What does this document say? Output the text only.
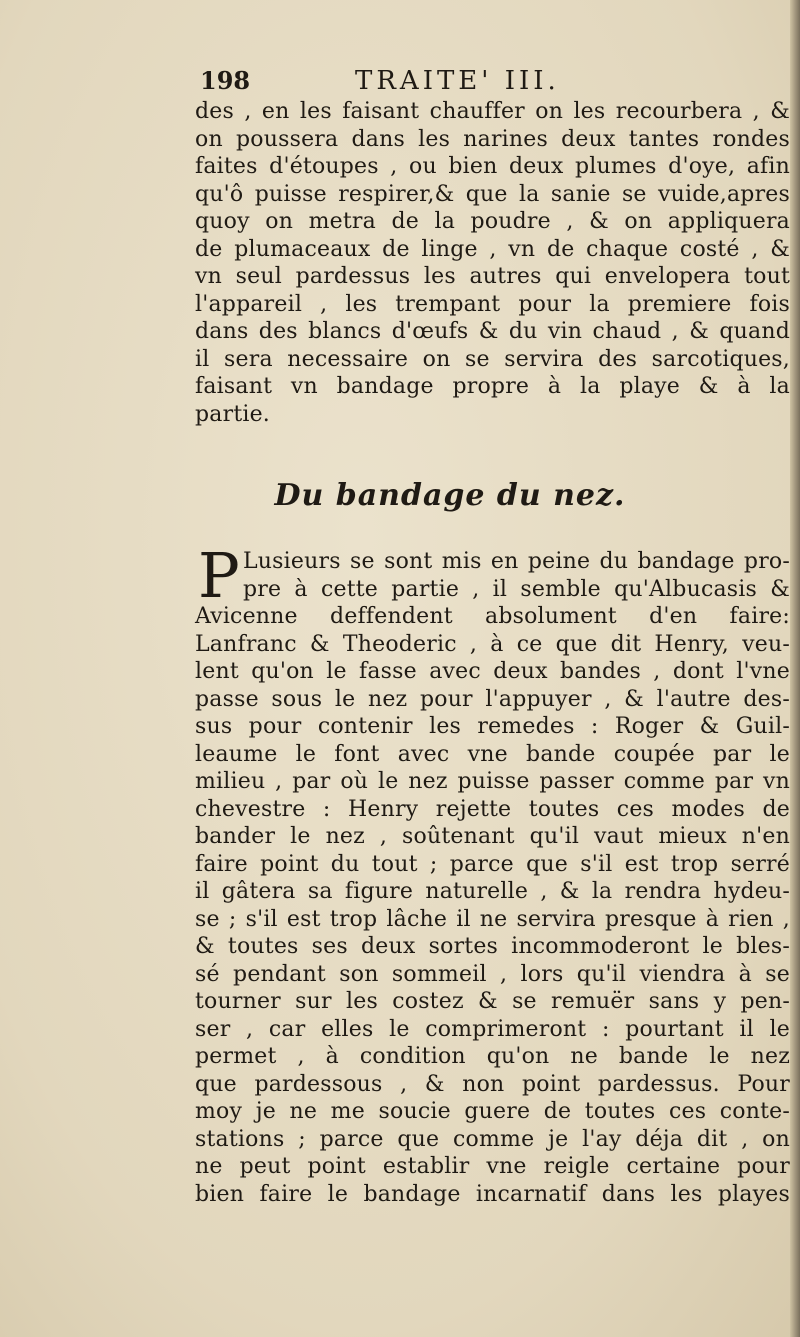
198	TRAITE' III.
des , en les faisant chauffer on les recourbera , &
on poussera dans les narines deux tantes rondes
faites d'étoupes , ou bien deux plumes d'oye, afin
qu'ô puisse respirer,& que la sanie se vuide,apres
quoy on metra de la poudre , & on appliquera
de plumaceaux de linge , vn de chaque costé , &
vn seul pardessus les autres qui envelopera tout
l'appareil , les trempant pour la premiere fois
dans des blancs d'œufs & du vin chaud , & quand
il sera necessaire on se servira des sarcotiques,
faisant vn bandage propre à la playe & à la
partie.
Du bandage du nez.
P Lusieurs se sont mis en peine du bandage pro-
pre à cette partie , il semble qu'Albucasis &
Avicenne deffendent absolument d'en faire:
Lanfranc & Theoderic , à ce que dit Henry, veu-
lent qu'on le fasse avec deux bandes , dont l'vne
passe sous le nez pour l'appuyer , & l'autre des-
sus pour contenir les remedes : Roger & Guil-
leaume le font avec vne bande coupée par le
milieu , par où le nez puisse passer comme par vn
chevestre : Henry rejette toutes ces modes de
bander le nez , soûtenant qu'il vaut mieux n'en
faire point du tout ; parce que s'il est trop serré
il gâtera sa figure naturelle , & la rendra hydeu-
se ; s'il est trop lâche il ne servira presque à rien ,
& toutes ses deux sortes incommoderont le bles-
sé pendant son sommeil , lors qu'il viendra à se
tourner sur les costez & se remuër sans y pen-
ser , car elles le comprimeront : pourtant il le
permet , à condition qu'on ne bande le nez
que pardessous , & non point pardessus. Pour
moy je ne me soucie guere de toutes ces conte-
stations ; parce que comme je l'ay déja dit , on
ne peut point establir vne reigle certaine pour
bien faire le bandage incarnatif dans les playes
